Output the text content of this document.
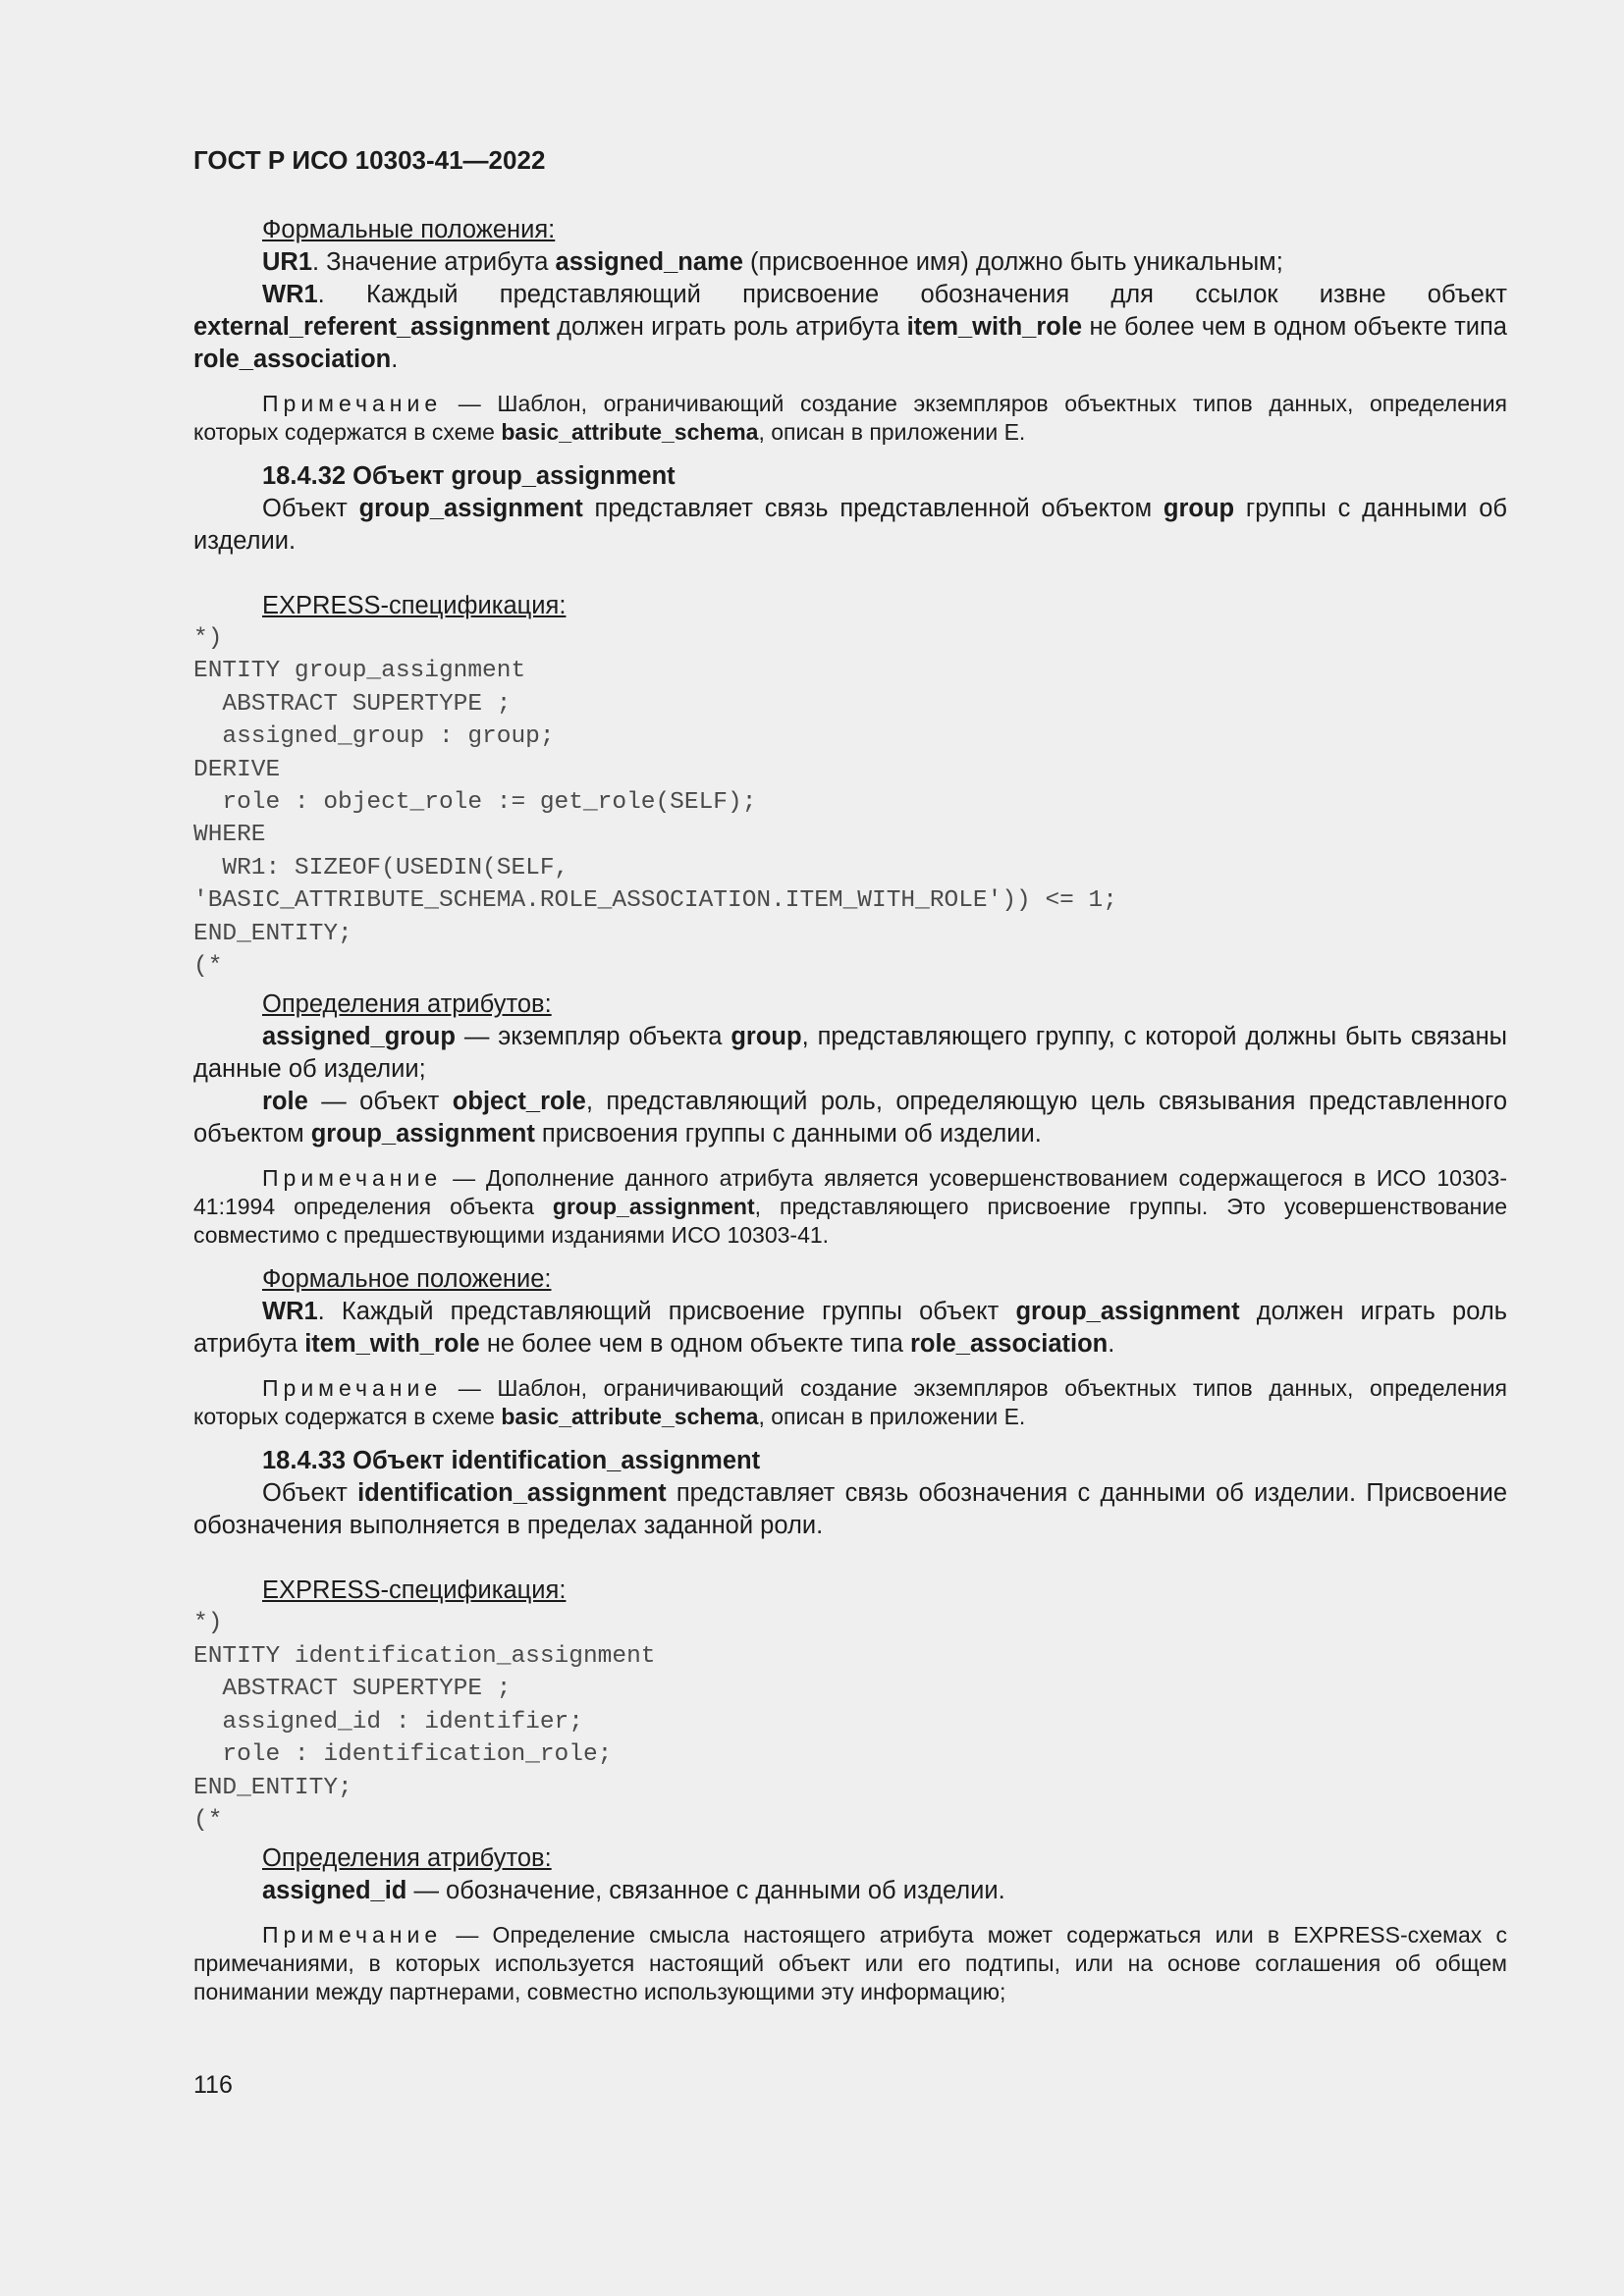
ГОСТ Р ИСО 10303-41—2022

Формальные положения:

UR1. Значение атрибута assigned_name (присвоенное имя) должно быть уникальным;

WR1. Каждый представляющий присвоение обозначения для ссылок извне объект external_referent_assignment должен играть роль атрибута item_with_role не более чем в одном объекте типа role_association.

Примечание — Шаблон, ограничивающий создание экземпляров объектных типов данных, определения которых содержатся в схеме basic_attribute_schema, описан в приложении E.

18.4.32 Объект group_assignment

Объект group_assignment представляет связь представленной объектом group группы с данными об изделии.

EXPRESS-спецификация:

*)
ENTITY group_assignment
ABSTRACT SUPERTYPE ;
assigned_group : group;
DERIVE
role : object_role := get_role(SELF);
WHERE
WR1: SIZEOF(USEDIN(SELF,
'BASIC_ATTRIBUTE_SCHEMA.ROLE_ASSOCIATION.ITEM_WITH_ROLE')) <= 1;
END_ENTITY;
(*

Определения атрибутов:

assigned_group — экземпляр объекта group, представляющего группу, с которой должны быть связаны данные об изделии;

role — объект object_role, представляющий роль, определяющую цель связывания представленного объектом group_assignment присвоения группы с данными об изделии.

Примечание — Дополнение данного атрибута является усовершенствованием содержащегося в ИСО 10303-41:1994 определения объекта group_assignment, представляющего присвоение группы. Это усовершенствование совместимо с предшествующими изданиями ИСО 10303-41.

Формальное положение:

WR1. Каждый представляющий присвоение группы объект group_assignment должен играть роль атрибута item_with_role не более чем в одном объекте типа role_association.

Примечание — Шаблон, ограничивающий создание экземпляров объектных типов данных, определения которых содержатся в схеме basic_attribute_schema, описан в приложении E.

18.4.33 Объект identification_assignment

Объект identification_assignment представляет связь обозначения с данными об изделии. Присвоение обозначения выполняется в пределах заданной роли.

EXPRESS-спецификация:

*)
ENTITY identification_assignment
ABSTRACT SUPERTYPE ;
assigned_id : identifier;
role : identification_role;
END_ENTITY;
(*

Определения атрибутов:

assigned_id — обозначение, связанное с данными об изделии.

Примечание — Определение смысла настоящего атрибута может содержаться или в EXPRESS-схемах с примечаниями, в которых используется настоящий объект или его подтипы, или на основе соглашения об общем понимании между партнерами, совместно использующими эту информацию;

116
